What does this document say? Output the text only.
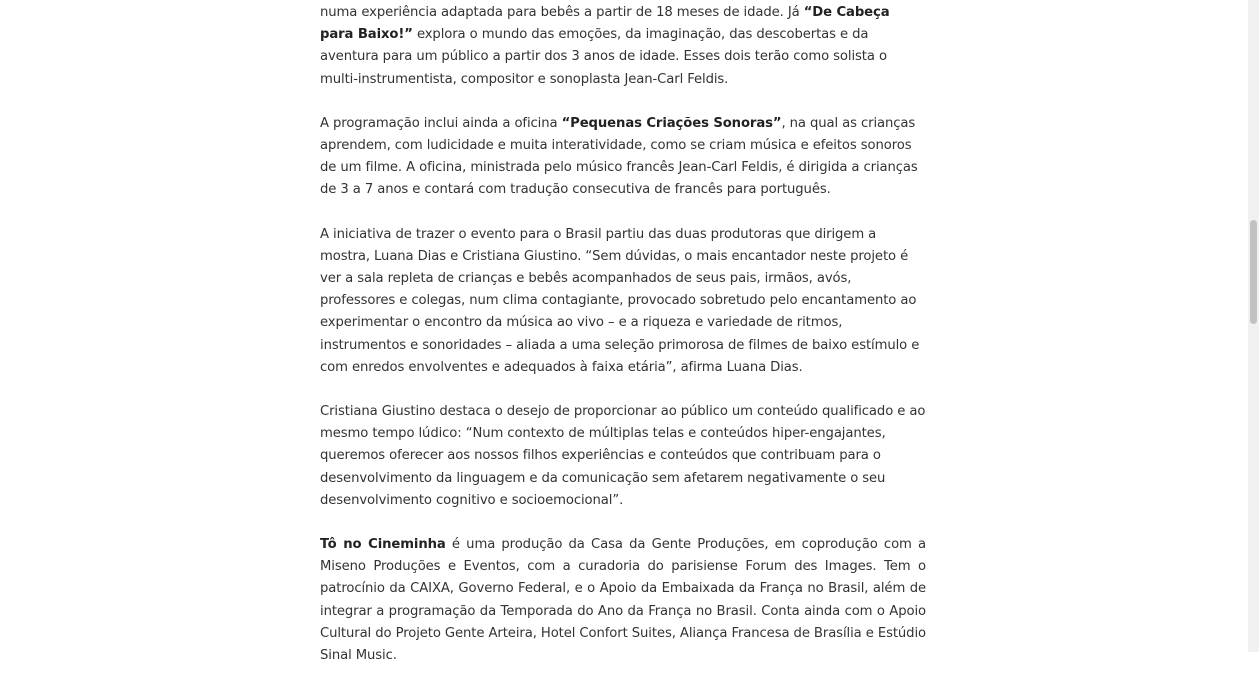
numa experiência adaptada para bebês a partir de 18 meses de idade. Já “De Cabeça para Baixo!” explora o mundo das emoções, da imaginação, das descobertas e da aventura para um público a partir dos 3 anos de idade. Esses dois terão como solista o multi-instrumentista, compositor e sonoplasta Jean-Carl Feldis.

A programação inclui ainda a oficina “Pequenas Criações Sonoras”, na qual as crianças aprendem, com ludicidade e muita interatividade, como se criam música e efeitos sonoros de um filme. A oficina, ministrada pelo músico francês Jean-Carl Feldis, é dirigida a crianças de 3 a 7 anos e contará com tradução consecutiva de francês para português.

A iniciativa de trazer o evento para o Brasil partiu das duas produtoras que dirigem a mostra, Luana Dias e Cristiana Giustino. “Sem dúvidas, o mais encantador neste projeto é ver a sala repleta de crianças e bebês acompanhados de seus pais, irmãos, avós, professores e colegas, num clima contagiante, provocado sobretudo pelo encantamento ao experimentar o encontro da música ao vivo – e a riqueza e variedade de ritmos, instrumentos e sonoridades – aliada a uma seleção primorosa de filmes de baixo estímulo e com enredos envolventes e adequados à faixa etária”, afirma Luana Dias.

Cristiana Giustino destaca o desejo de proporcionar ao público um conteúdo qualificado e ao mesmo tempo lúdico: “Num contexto de múltiplas telas e conteúdos hiper-engajantes, queremos oferecer aos nossos filhos experiências e conteúdos que contribuam para o desenvolvimento da linguagem e da comunicação sem afetarem negativamente o seu desenvolvimento cognitivo e socioemocional”.

Tô no Cineminha é uma produção da Casa da Gente Produções, em coprodução com a Miseno Produções e Eventos, com a curadoria do parisiense Forum des Images. Tem o patrocínio da CAIXA, Governo Federal, e o Apoio da Embaixada da França no Brasil, além de integrar a programação da Temporada do Ano da França no Brasil. Conta ainda com o Apoio Cultural do Projeto Gente Arteira, Hotel Confort Suites, Aliança Francesa de Brasília e Estúdio Sinal Music.
